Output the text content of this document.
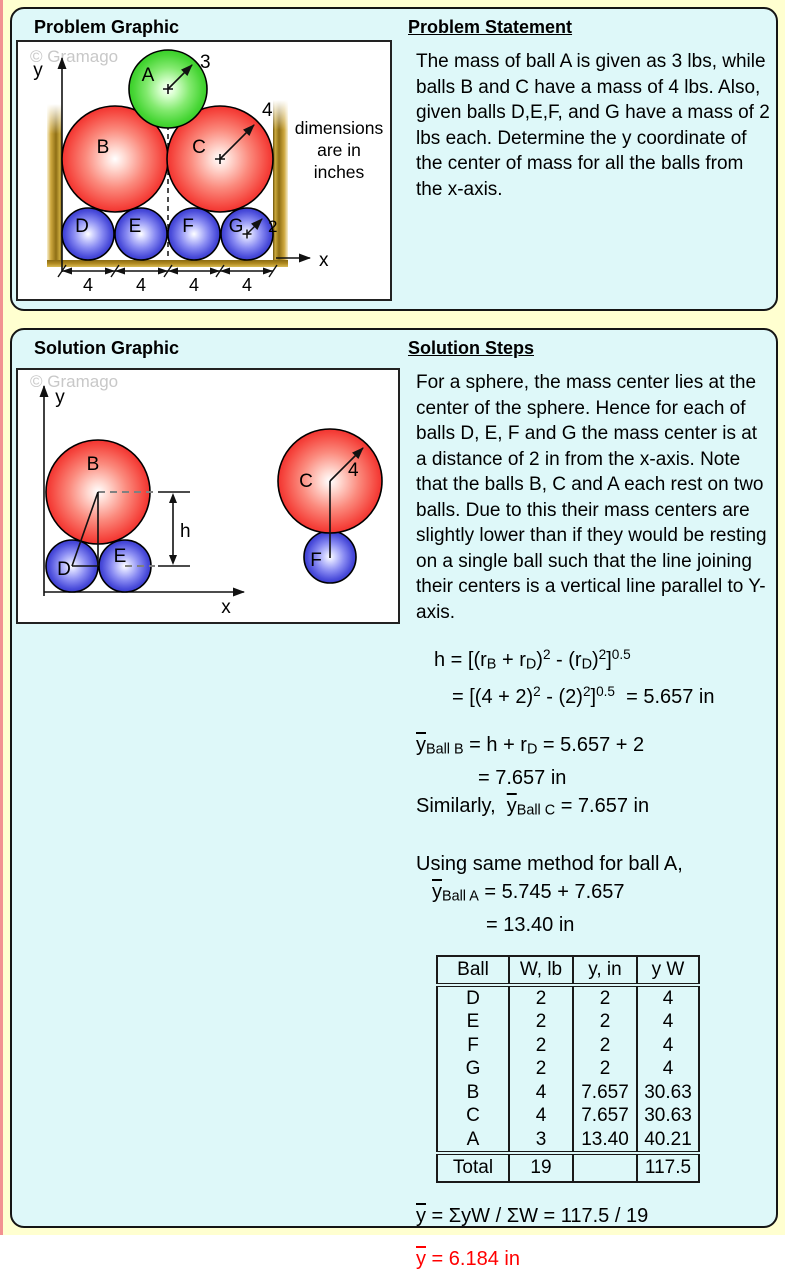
Problem Graphic
© Gramago
y
x
3
4
2
A
B	C
D E F G
4 4 4 4
dimensions
are in
inches
Problem Statement

The mass of ball A is given as 3 lbs, while balls B and C have a mass of 4 lbs. Also, given balls D,E,F, and G have a mass of 2 lbs each. Determine the y coordinate of the center of mass for all the balls from the x-axis.

Solution Graphic
© Gramago
y
x
h
4
B
D
E
C
F
Solution Steps

For a sphere, the mass center lies at the center of the sphere. Hence for each of balls D, E, F and G the mass center is at a distance of 2 in from the x-axis. Note that the balls B, C and A each rest on two balls. Due to this their mass centers are slightly lower than if they would be resting on a single ball such that the line joining their centers is a vertical line parallel to Y-axis.

$h = [(rB + rD)^2 - (rD)^2]^{0.5}$
= $[(4 + 2)^2 - (2)^2]^{0.5} = 5.657$ in
$\overline{y}Ball$ B = h + rD = 5.657 + 2
= 7.657 in
Similarly,  $\overline{y}Ball$ C = 7.657 in
Using same method for ball A,
$\overline{y}Ball$ A = 5.745 + 7.657
= 13.40 in
Ball	W, lb	y, in	y W
D	2	2	4
E	2	2	4
F	2	2	4
G	2	2	4
B	4	7.657	30.63
C	4	7.657	30.63
A	3	13.40	40.21
Total	19		117.5
$\overline{y} = \Sigma yW / \Sigma W = 117.5 / 19$
$\overline{y} = 6.184$ in
